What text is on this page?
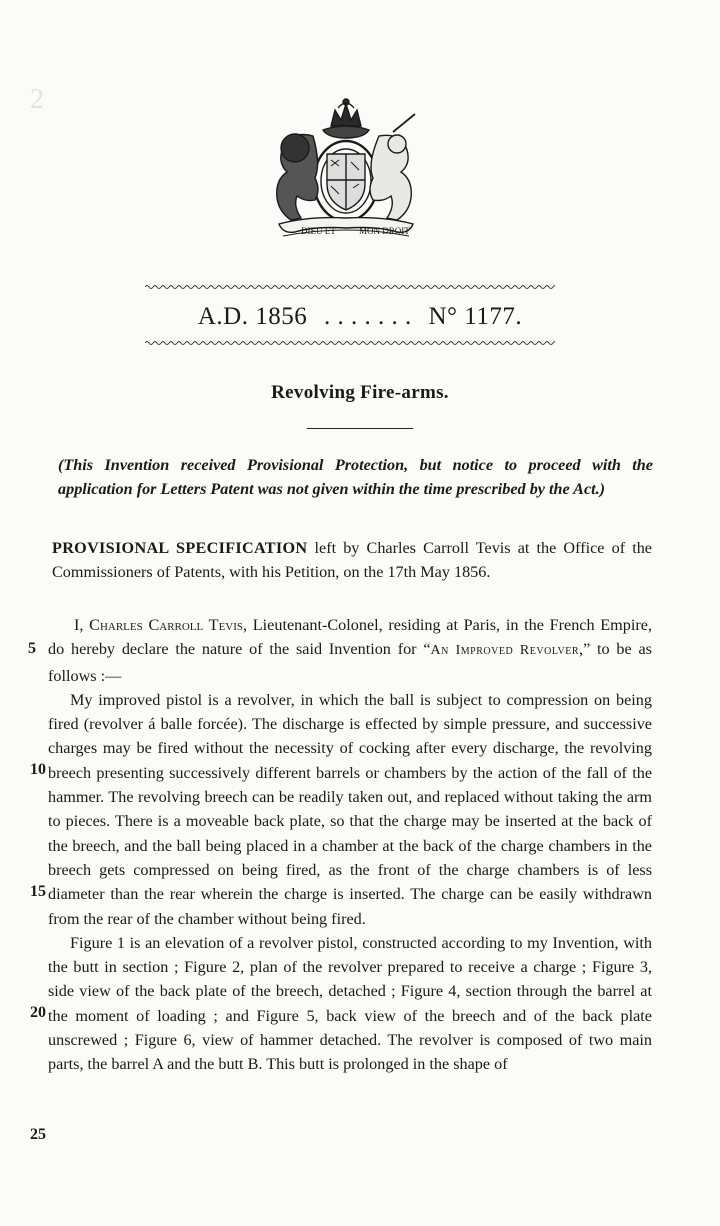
2
DIEU ET	MON DROIT
A.D. 1856 . . . . . . . N° 1177.
Revolving Fire-arms.

(This Invention received Provisional Protection, but notice to proceed with the application for Letters Patent was not given within the time prescribed by the Act.)

PROVISIONAL SPECIFICATION left by Charles Carroll Tevis at the Office of the Commissioners of Patents, with his Petition, on the 17th May 1856.

I, Charles Carroll Tevis, Lieutenant-Colonel, residing at Paris, in the French Empire, do hereby declare the nature of the said Invention for “An Improved Revolver,” to be as follows :—

My improved pistol is a revolver, in which the ball is subject to compression on being fired (revolver á balle forcée). The discharge is effected by simple pressure, and successive charges may be fired without the necessity of cocking after every discharge, the revolving breech presenting successively different barrels or chambers by the action of the fall of the hammer. The revolving breech can be readily taken out, and replaced without taking the arm to pieces. There is a moveable back plate, so that the charge may be inserted at the back of the breech, and the ball being placed in a chamber at the back of the charge chambers in the breech gets compressed on being fired, as the front of the charge chambers is of less diameter than the rear wherein the charge is inserted. The charge can be easily withdrawn from the rear of the chamber without being fired.

Figure 1 is an elevation of a revolver pistol, constructed according to my Invention, with the butt in section ; Figure 2, plan of the revolver prepared to receive a charge ; Figure 3, side view of the back plate of the breech, detached ; Figure 4, section through the barrel at the moment of loading ; and Figure 5, back view of the breech and of the back plate unscrewed ; Figure 6, view of hammer detached. The revolver is composed of two main parts, the barrel A and the butt B. This butt is prolonged in the shape of

5
10
15
20
25
